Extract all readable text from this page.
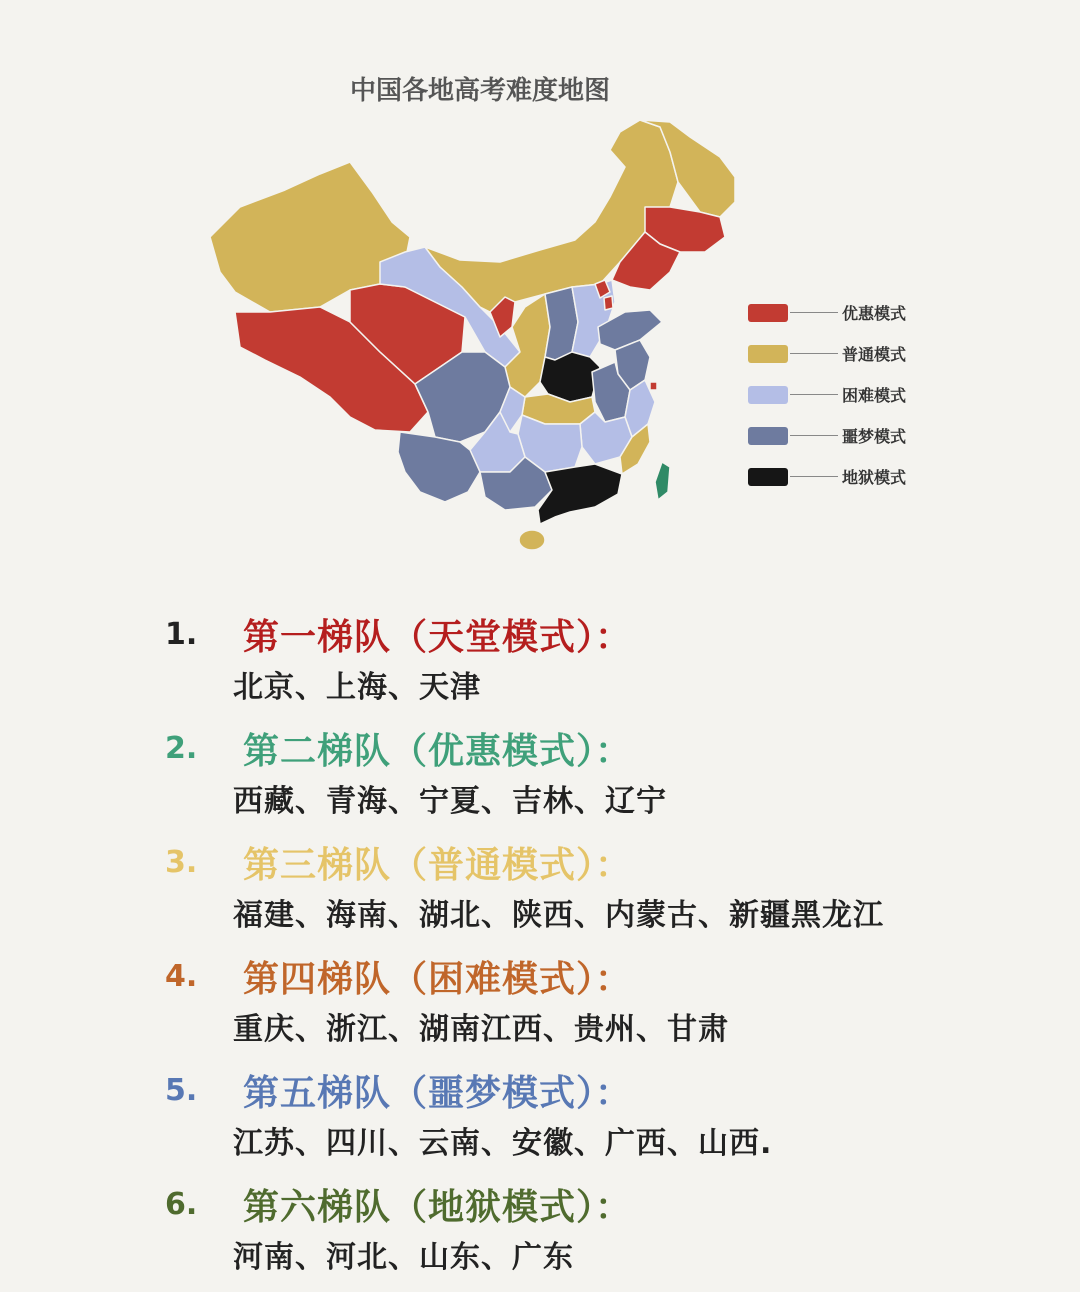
中国各地高考难度地图
优惠模式
普通模式
困难模式
噩梦模式
地狱模式
1.	第一梯队（天堂模式）：
北京、上海、天津
2.	第二梯队（优惠模式）：
西藏、青海、宁夏、吉林、辽宁
3.	第三梯队（普通模式）：
福建、海南、湖北、陕西、内蒙古、新疆黑龙江
4.	第四梯队（困难模式）：
重庆、浙江、湖南江西、贵州、甘肃
5.	第五梯队（噩梦模式）：
江苏、四川、云南、安徽、广西、山西.
6.	第六梯队（地狱模式）：
河南、河北、山东、广东
